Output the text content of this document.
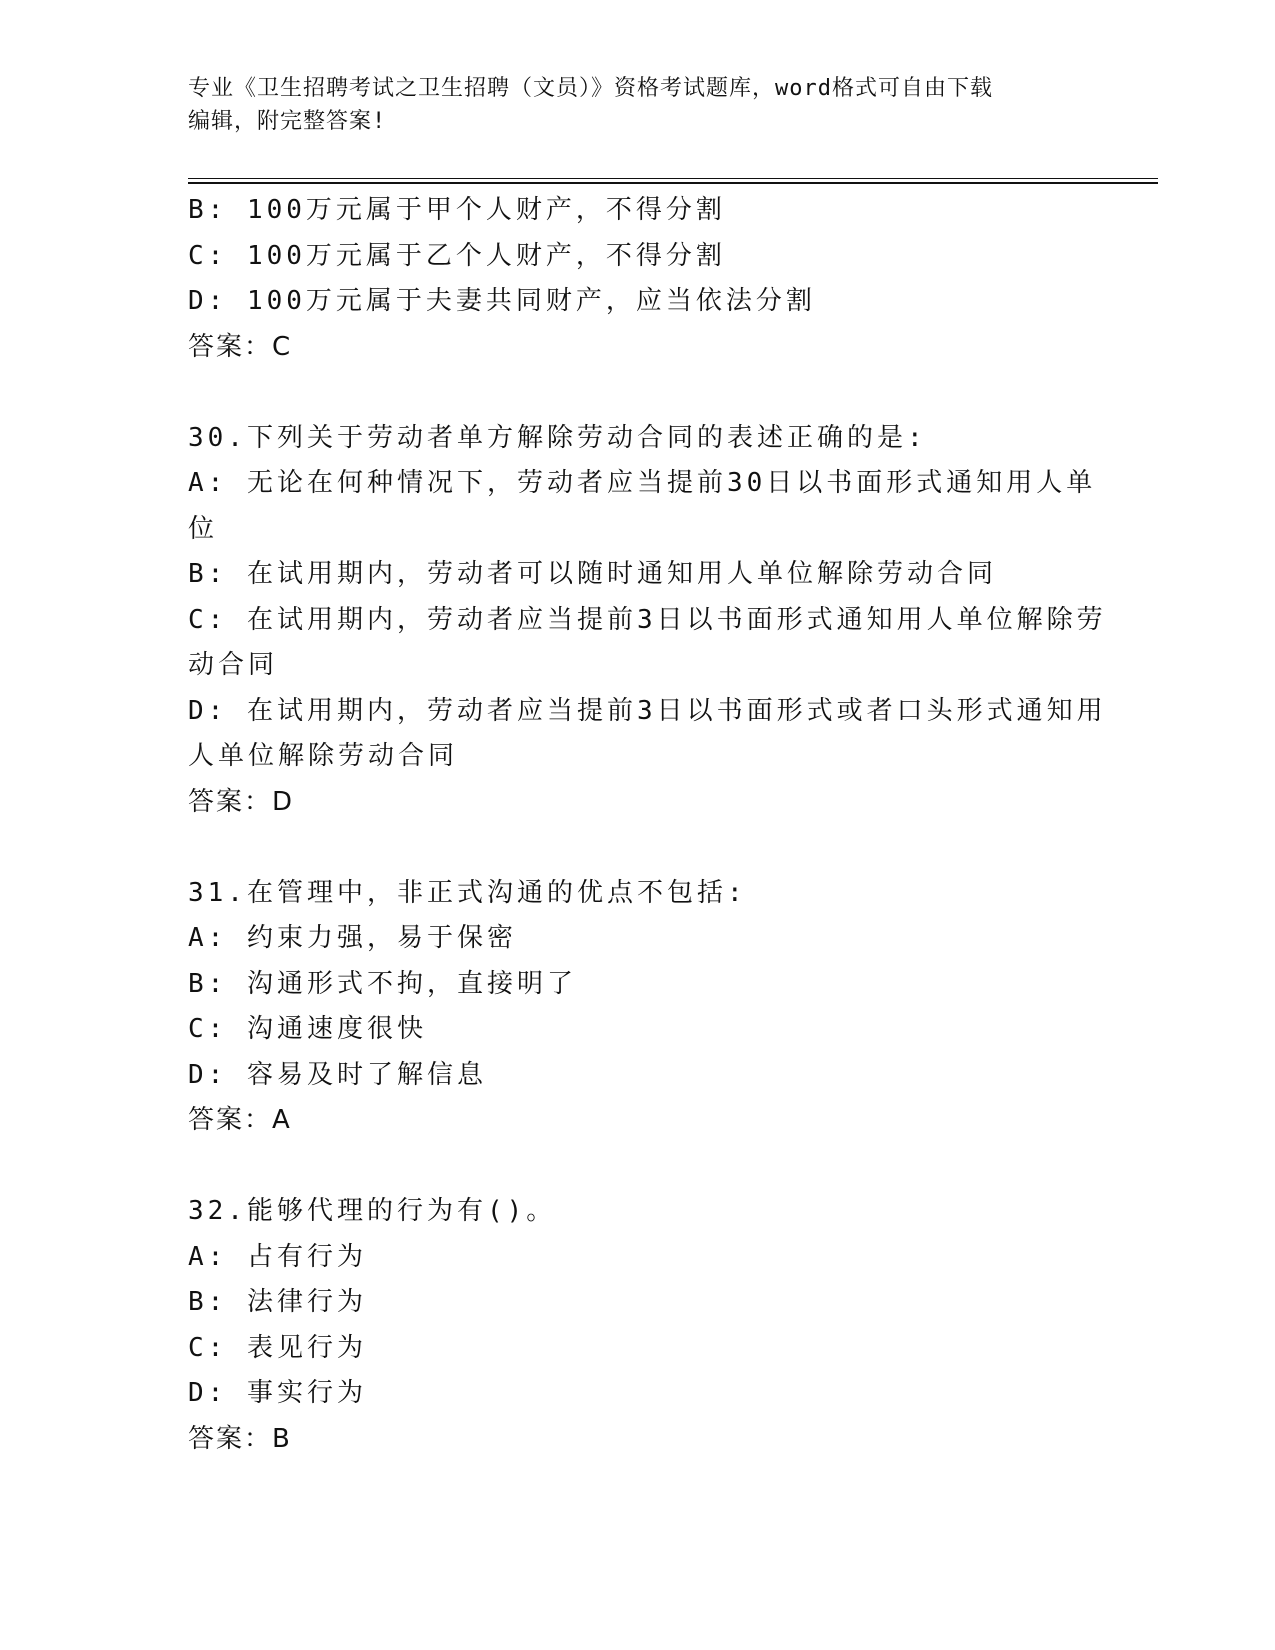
专业《卫生招聘考试之卫生招聘（文员）》资格考试题库，word格式可自由下载
编辑，附完整答案!
B: 100万元属于甲个人财产，不得分割
C: 100万元属于乙个人财产，不得分割
D: 100万元属于夫妻共同财产，应当依法分割
答案：C
30.下列关于劳动者单方解除劳动合同的表述正确的是:
A: 无论在何种情况下，劳动者应当提前30日以书面形式通知用人单
位
B: 在试用期内，劳动者可以随时通知用人单位解除劳动合同
C: 在试用期内，劳动者应当提前3日以书面形式通知用人单位解除劳
动合同
D: 在试用期内，劳动者应当提前3日以书面形式或者口头形式通知用
人单位解除劳动合同
答案：D
31.在管理中，非正式沟通的优点不包括:
A: 约束力强，易于保密
B: 沟通形式不拘，直接明了
C: 沟通速度很快
D: 容易及时了解信息
答案：A
32.能够代理的行为有()。
A: 占有行为
B: 法律行为
C: 表见行为
D: 事实行为
答案：B
